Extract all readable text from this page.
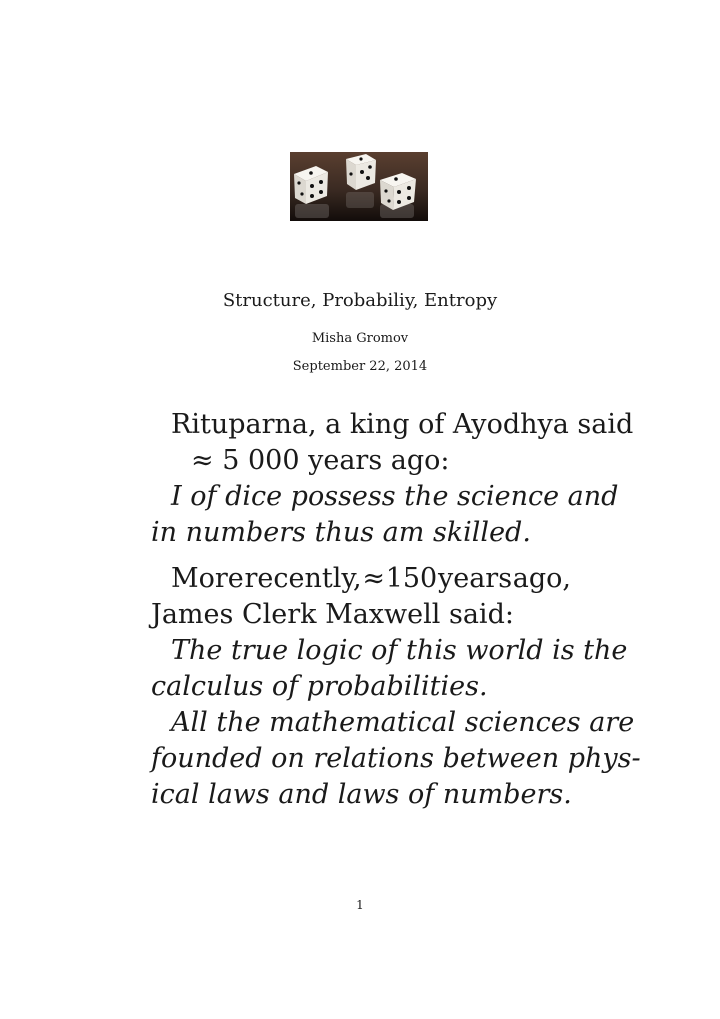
Structure, Probabiliy, Entropy
Misha Gromov
September 22, 2014

Rituparna, a king of Ayodhya said
≈ 5 000 years ago:

I of dice possess the science and
in numbers thus am skilled.

More recently, ≈ 150 years ago,
James Clerk Maxwell said:

The true logic of this world is the
calculus of probabilities.

All the mathematical sciences are
founded on relations between phys-
ical laws and laws of numbers.

1
